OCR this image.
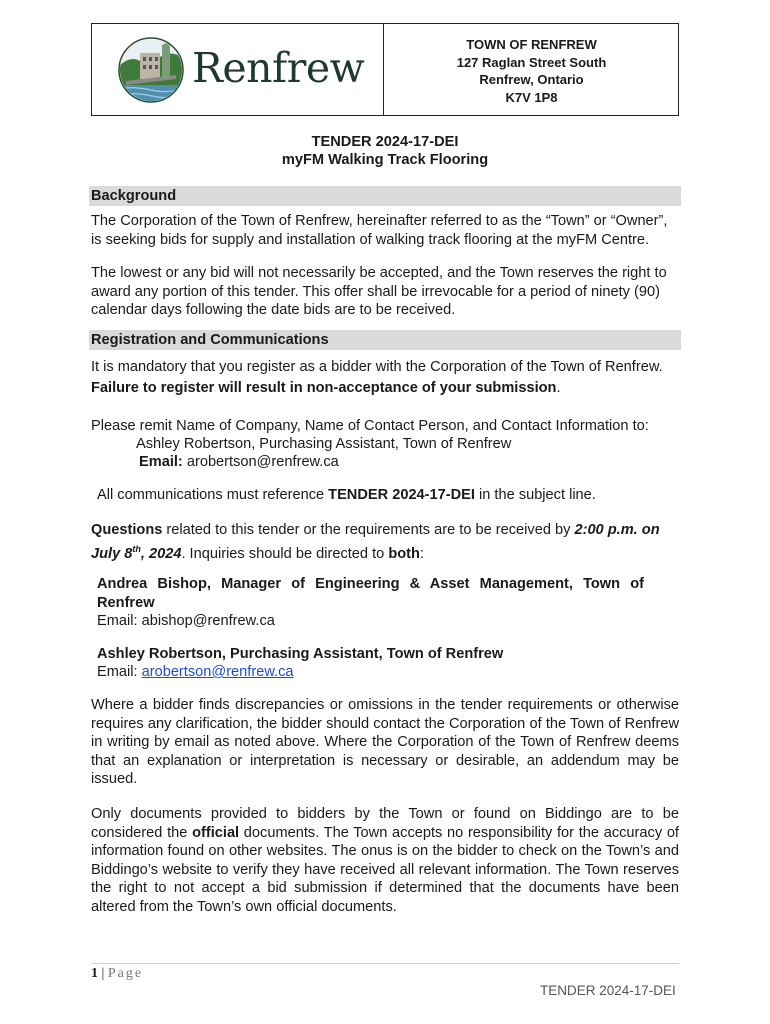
Renfrew	TOWN OF RENFREW
127 Raglan Street South
Renfrew, Ontario
K7V 1P8
TENDER 2024-17-DEI
myFM Walking Track Flooring
Background
The Corporation of the Town of Renfrew, hereinafter referred to as the “Town” or “Owner”, is seeking bids for supply and installation of walking track flooring at the myFM Centre.
The lowest or any bid will not necessarily be accepted, and the Town reserves the right to award any portion of this tender. This offer shall be irrevocable for a period of ninety (90) calendar days following the date bids are to be received.
Registration and Communications
It is mandatory that you register as a bidder with the Corporation of the Town of Renfrew. Failure to register will result in non-acceptance of your submission.
Please remit Name of Company, Name of Contact Person, and Contact Information to:
Ashley Robertson, Purchasing Assistant, Town of Renfrew
Email: arobertson@renfrew.ca
All communications must reference TENDER 2024-17-DEI in the subject line.
Questions related to this tender or the requirements are to be received by 2:00 p.m. on July 8th, 2024. Inquiries should be directed to both:
Andrea Bishop, Manager of Engineering & Asset Management, Town of Renfrew
Email: abishop@renfrew.ca
Ashley Robertson, Purchasing Assistant, Town of Renfrew
Email: arobertson@renfrew.ca
Where a bidder finds discrepancies or omissions in the tender requirements or otherwise requires any clarification, the bidder should contact the Corporation of the Town of Renfrew in writing by email as noted above. Where the Corporation of the Town of Renfrew deems that an explanation or interpretation is necessary or desirable, an addendum may be issued.
Only documents provided to bidders by the Town or found on Biddingo are to be considered the official documents. The Town accepts no responsibility for the accuracy of information found on other websites. The onus is on the bidder to check on the Town’s and Biddingo’s website to verify they have received all relevant information. The Town reserves the right to not accept a bid submission if determined that the documents have been altered from the Town’s own official documents.
1 | Page
TENDER 2024-17-DEI
